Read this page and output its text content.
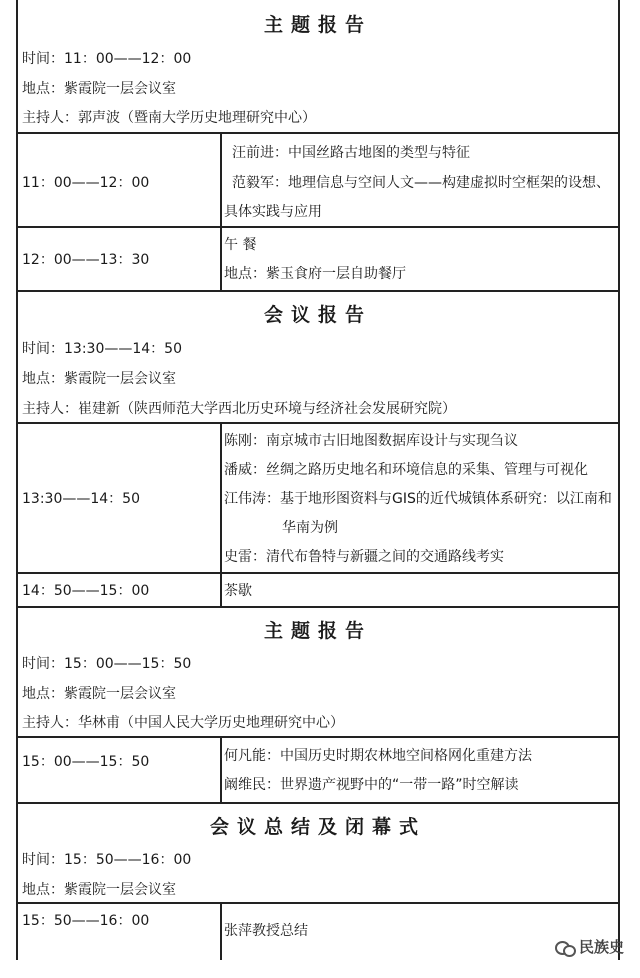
主题报告
时间：11：00——12：00
地点：紫霞院一层会议室
主持人：郭声波（暨南大学历史地理研究中心）
11：00——12：00
汪前进：中国丝路古地图的类型与特征
范毅军：地理信息与空间人文——构建虚拟时空框架的设想、
具体实践与应用
12：00——13：30
午 餐
地点：紫玉食府一层自助餐厅
会议报告
时间：13:30——14：50
地点：紫霞院一层会议室
主持人：崔建新（陕西师范大学西北历史环境与经济社会发展研究院）
13:30——14：50
陈刚：南京城市古旧地图数据库设计与实现刍议
潘威：丝绸之路历史地名和环境信息的采集、管理与可视化
江伟涛：基于地形图资料与GIS的近代城镇体系研究：以江南和
华南为例
史雷：清代布鲁特与新疆之间的交通路线考实
14：50——15：00	茶歇
主题报告
时间：15：00——15：50
地点：紫霞院一层会议室
主持人：华林甫（中国人民大学历史地理研究中心）
15：00——15：50	何凡能：中国历史时期农林地空间格网化重建方法
阚维民：世界遗产视野中的“一带一路”时空解读
会议总结及闭幕式
时间：15：50——16：00
地点：紫霞院一层会议室
15：50——16：00
张萍教授总结
民族史
